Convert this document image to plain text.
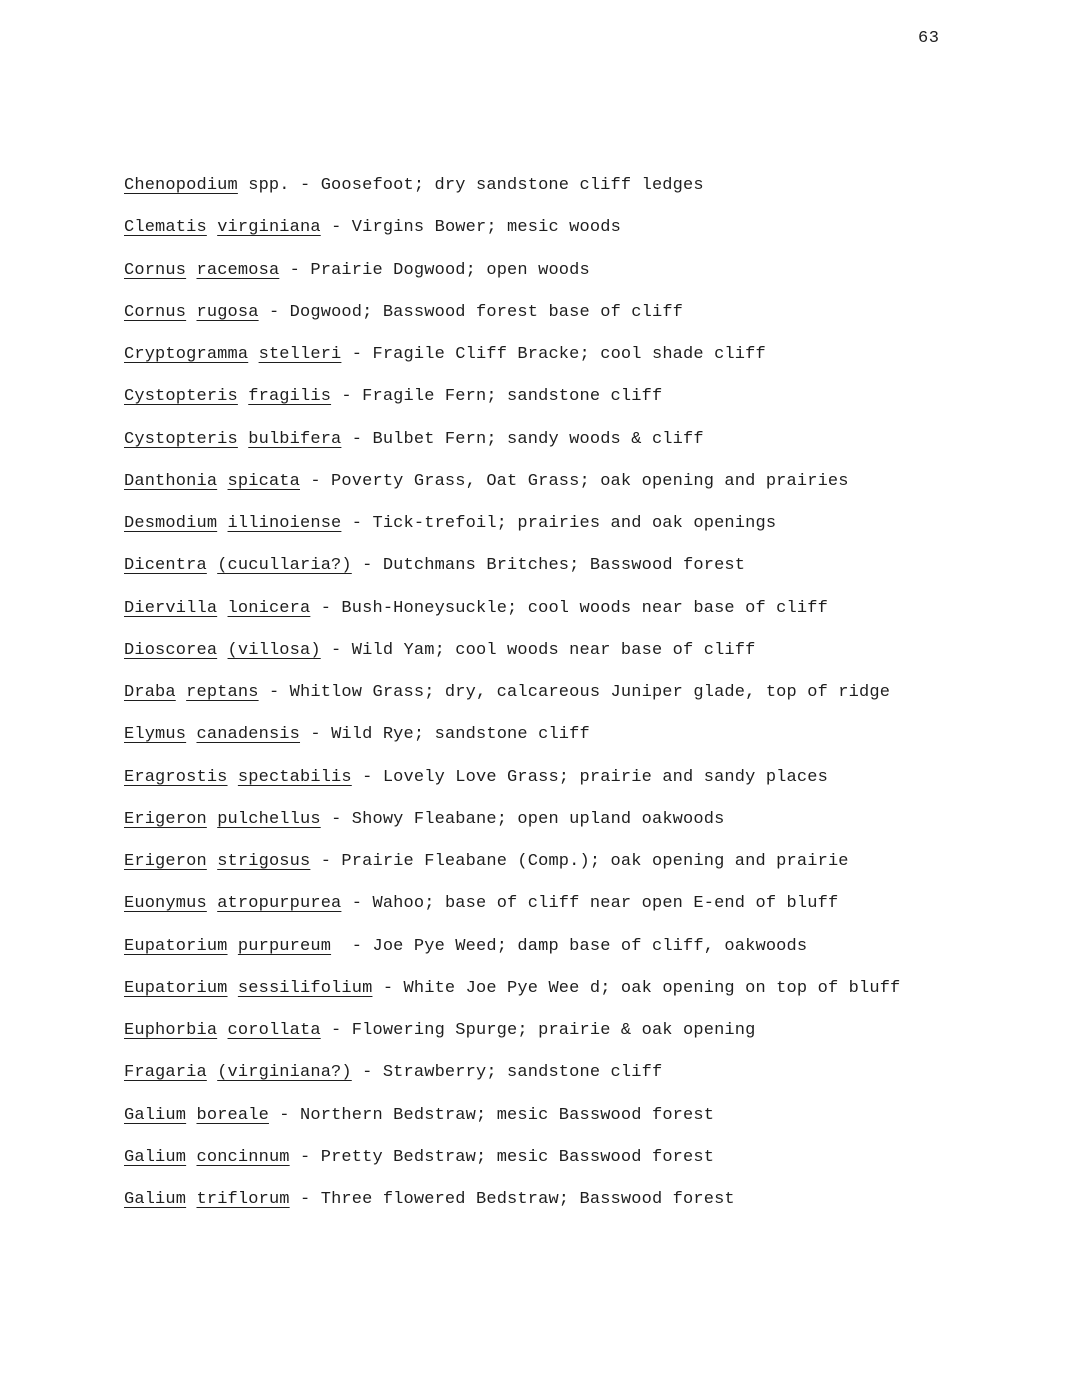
63
Chenopodium spp. - Goosefoot; dry sandstone cliff ledges
Clematis virginiana - Virgins Bower; mesic woods
Cornus racemosa - Prairie Dogwood; open woods
Cornus rugosa - Dogwood; Basswood forest base of cliff
Cryptogramma stelleri - Fragile Cliff Bracke; cool shade cliff
Cystopteris fragilis - Fragile Fern; sandstone cliff
Cystopteris bulbifera - Bulbet Fern; sandy woods & cliff
Danthonia spicata - Poverty Grass, Oat Grass; oak opening and prairies
Desmodium illinoiense - Tick-trefoil; prairies and oak openings
Dicentra (cucullaria?) - Dutchmans Britches; Basswood forest
Diervilla lonicera - Bush-Honeysuckle; cool woods near base of cliff
Dioscorea (villosa) - Wild Yam; cool woods near base of cliff
Draba reptans - Whitlow Grass; dry, calcareous Juniper glade, top of ridge
Elymus canadensis - Wild Rye; sandstone cliff
Eragrostis spectabilis - Lovely Love Grass; prairie and sandy places
Erigeron pulchellus - Showy Fleabane; open upland oakwoods
Erigeron strigosus - Prairie Fleabane (Comp.); oak opening and prairie
Euonymus atropurpurea - Wahoo; base of cliff near open E-end of bluff
Eupatorium purpureum  - Joe Pye Weed; damp base of cliff, oakwoods
Eupatorium sessilifolium - White Joe Pye Wee d; oak opening on top of bluff
Euphorbia corollata - Flowering Spurge; prairie & oak opening
Fragaria (virginiana?) - Strawberry; sandstone cliff
Galium boreale - Northern Bedstraw; mesic Basswood forest
Galium concinnum - Pretty Bedstraw; mesic Basswood forest
Galium triflorum - Three flowered Bedstraw; Basswood forest
